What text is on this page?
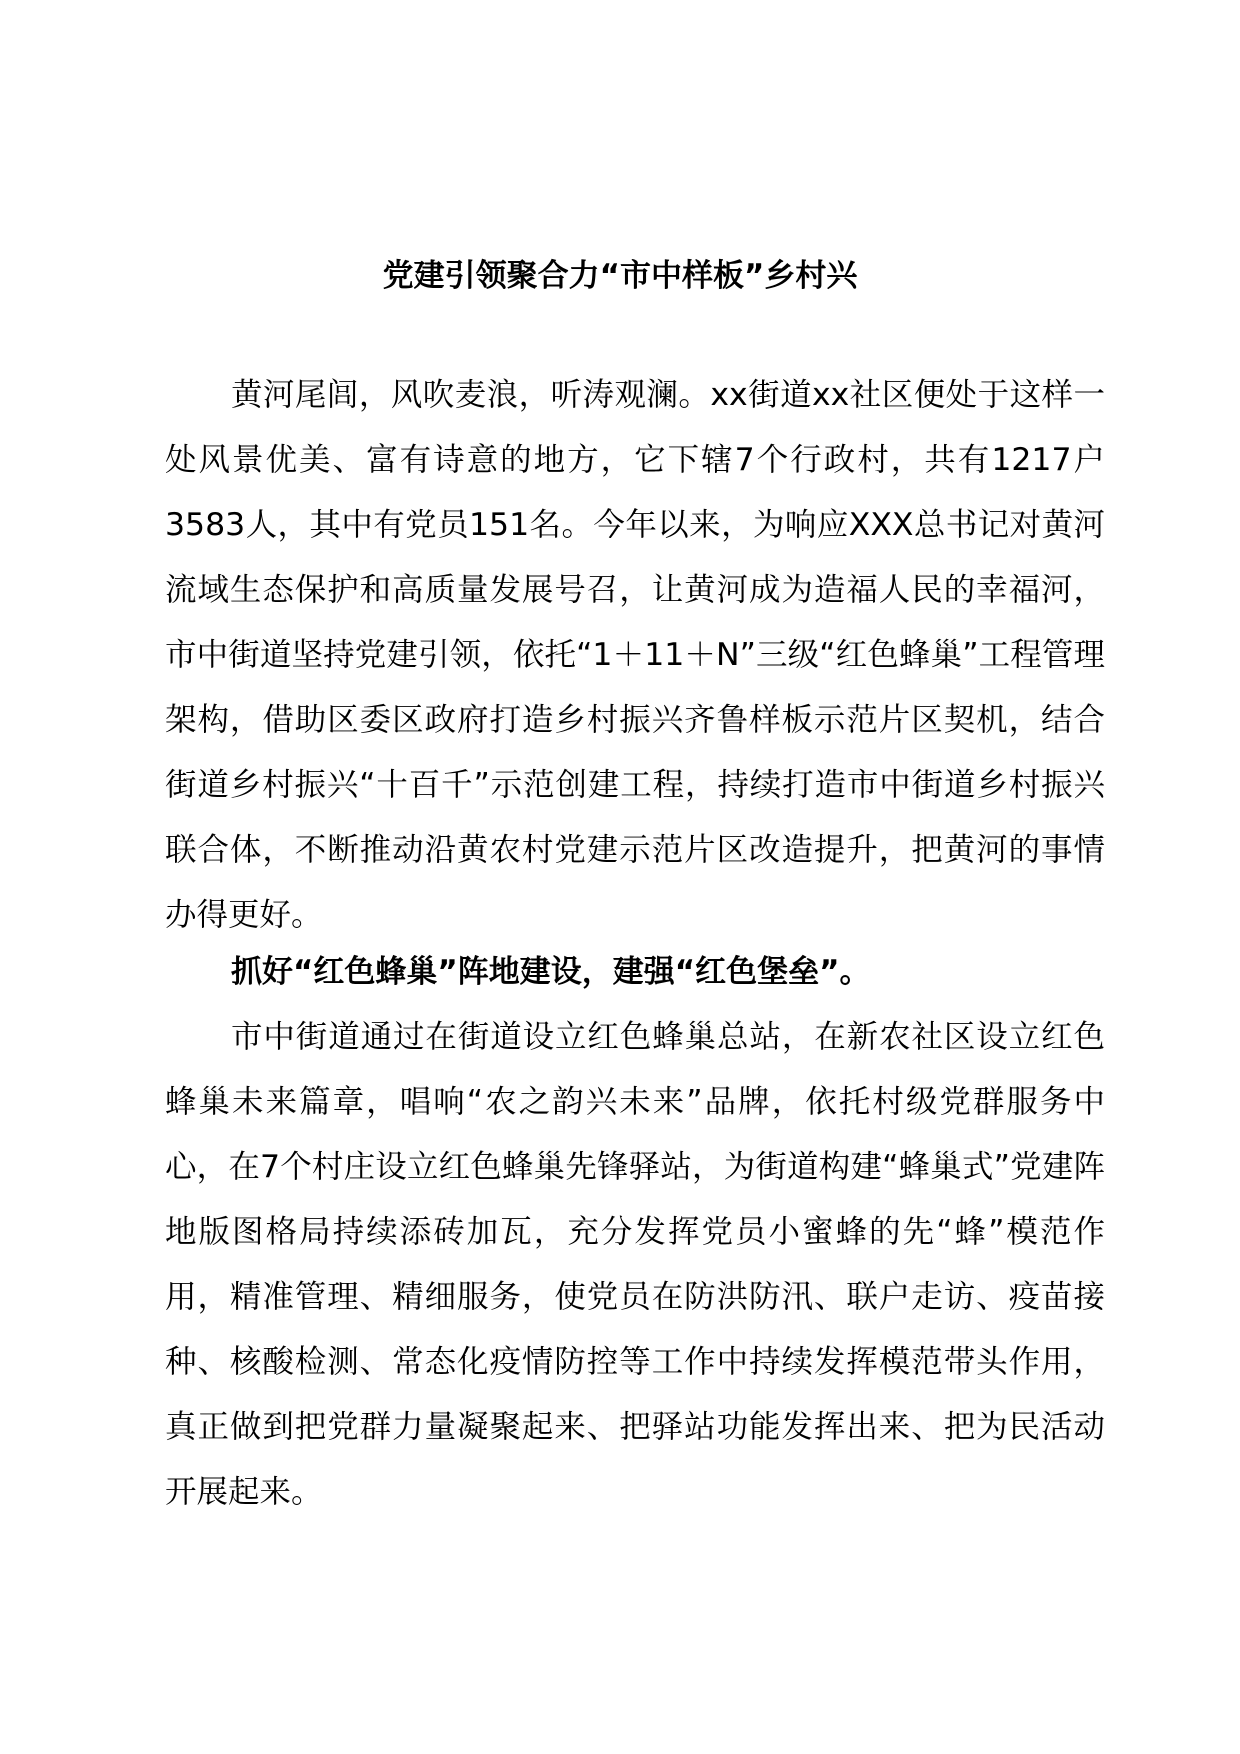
党建引领聚合力“市中样板”乡村兴

黄河尾闾，风吹麦浪，听涛观澜。xx街道xx社区便处于这样一处风景优美、富有诗意的地方，它下辖7个行政村，共有1217户3583人，其中有党员151名。今年以来，为响应XXX总书记对黄河流域生态保护和高质量发展号召，让黄河成为造福人民的幸福河，市中街道坚持党建引领，依托“1＋11＋N”三级“红色蜂巢”工程管理架构，借助区委区政府打造乡村振兴齐鲁样板示范片区契机，结合街道乡村振兴“十百千”示范创建工程，持续打造市中街道乡村振兴联合体，不断推动沿黄农村党建示范片区改造提升，把黄河的事情办得更好。

抓好“红色蜂巢”阵地建设，建强“红色堡垒”。

市中街道通过在街道设立红色蜂巢总站，在新农社区设立红色蜂巢未来篇章，唱响“农之韵兴未来”品牌，依托村级党群服务中心，在7个村庄设立红色蜂巢先锋驿站，为街道构建“蜂巢式”党建阵地版图格局持续添砖加瓦，充分发挥党员小蜜蜂的先“蜂”模范作用，精准管理、精细服务，使党员在防洪防汛、联户走访、疫苗接种、核酸检测、常态化疫情防控等工作中持续发挥模范带头作用，真正做到把党群力量凝聚起来、把驿站功能发挥出来、把为民活动开展起来。
